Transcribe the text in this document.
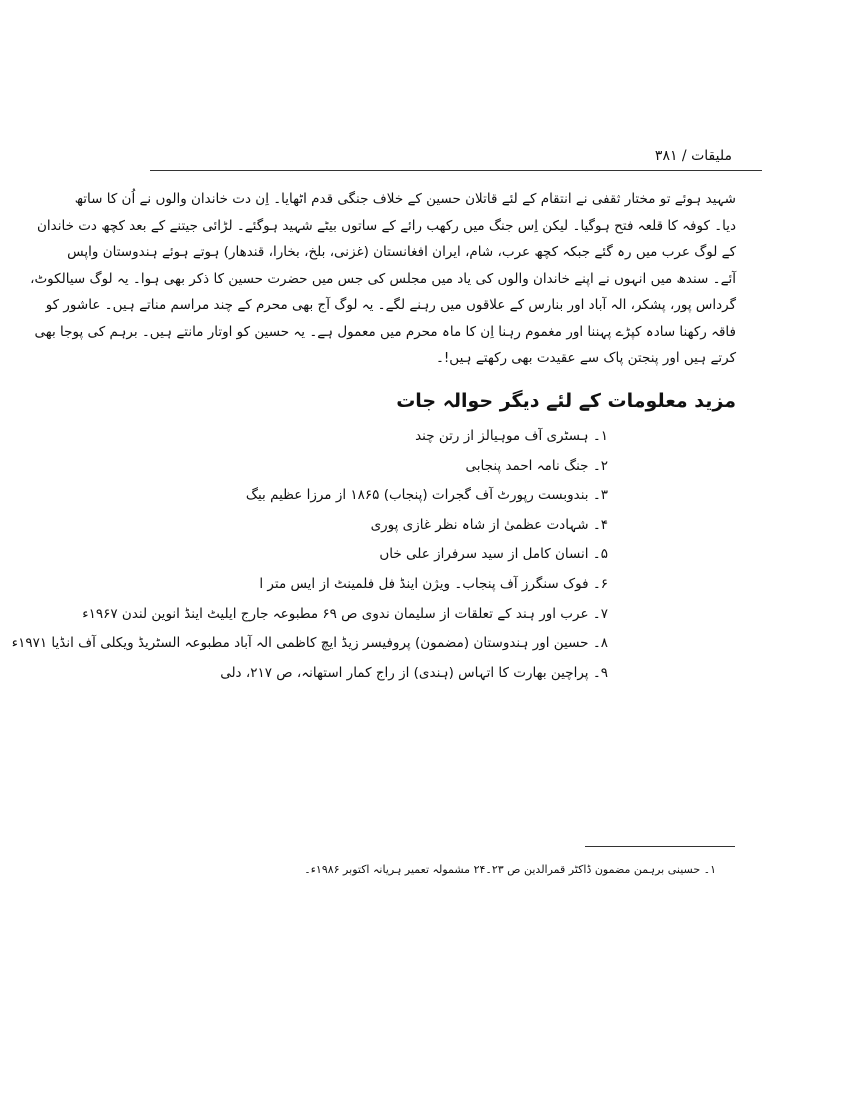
ملیقات / ۳۸۱
شہید ہوئے تو مختار ثقفی نے انتقام کے لئے قاتلان حسین کے خلاف جنگی قدم اٹھایا۔ اِن دت خاندان والوں نے اُن کا ساتھ
دیا۔ کوفہ کا قلعہ فتح ہوگیا۔ لیکن اِس جنگ میں رکھب رائے کے ساتوں بیٹے شہید ہوگئے۔ لڑائی جیتنے کے بعد کچھ دت خاندان
کے لوگ عرب میں رہ گئے جبکہ کچھ عرب، شام، ایران افغانستان (غزنی، بلخ، بخارا، قندھار) ہوتے ہوئے ہندوستان واپس
آئے۔ سندھ میں انہوں نے اپنے خاندان والوں کی یاد میں مجلس کی جس میں حضرت حسین کا ذکر بھی ہوا۔ یہ لوگ سیالکوٹ،
گرداس پور، پشکر، الہ آباد اور بنارس کے علاقوں میں رہنے لگے۔ یہ لوگ آج بھی محرم کے چند مراسم مناتے ہیں۔ عاشور کو
فاقہ رکھنا سادہ کپڑے پہننا اور مغموم رہنا اِن کا ماہ محرم میں معمول ہے۔ یہ حسین کو اوتار مانتے ہیں۔ برہم کی پوجا بھی
کرتے ہیں اور پنجتن پاک سے عقیدت بھی رکھتے ہیں!۔
مزید معلومات کے لئے دیگر حوالہ جات
۱۔ ہسٹری آف موہیالز از رتن چند
۲۔ جنگ نامہ احمد پنجابی
۳۔ بندوبست رپورٹ آف گجرات (پنجاب) ۱۸۶۵ از مرزا عظیم بیگ
۴۔ شہادت عظمیٰ از شاہ نظر غازی پوری
۵۔ انسان کامل از سید سرفراز علی خاں
۶۔ فوک سنگرز آف پنجاب۔ ویژن اینڈ فل فلمینٹ از ایس متر ا
۷۔ عرب اور ہند کے تعلقات از سلیمان ندوی ص ۶۹ مطبوعہ جارج ایلیٹ اینڈ انوین لندن ۱۹۶۷ء
۸۔ حسین اور ہندوستان (مضمون) پروفیسر زیڈ ایچ کاظمی الہ آباد مطبوعہ السٹریڈ ویکلی آف انڈیا ۱۹۷۱ء
۹۔ پراچین بھارت کا اتہاس (ہندی) از راج کمار استھانہ، ص ۲۱۷، دلی
۱۔ حسینی برہمن مضمون ڈاکٹر قمرالدین ص ۲۳۔۲۴ مشمولہ تعمیر ہریانہ اکتوبر ۱۹۸۶ء۔
